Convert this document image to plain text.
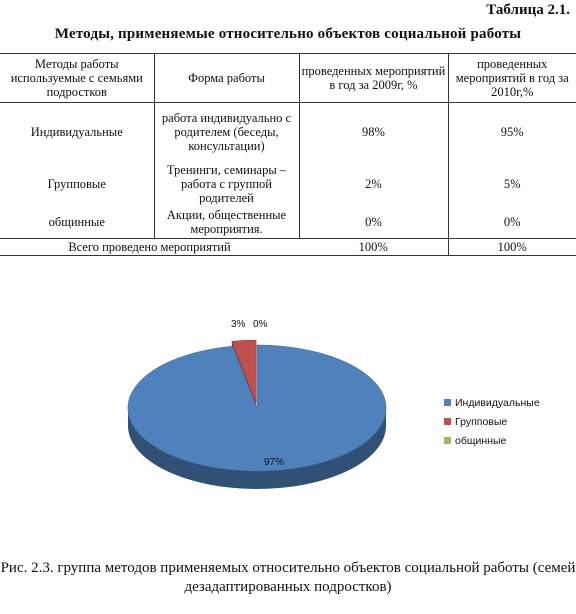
Таблица 2.1.
Методы, применяемые относительно объектов социальной работы
Методы работы используемые с семьями подростков	Форма работы	проведенных мероприятий в год за 2009г, %	проведенных мероприятий в год за 2010г,%
Индивидуальные	работа индивидуально с родителем (беседы, консультации)	98%	95%
Групповые	Тренинги, семинары – работа с группой родителей	2%	5%
общинные	Акции, общественные мероприятия.	0%	0%
Всего проведено мероприятий		100%	100%
97%
3% 0%
Индивидуальные
Групповые
общинные
Рис. 2.3. группа методов применяемых относительно объектов социальной работы (семей дезадаптированных подростков)
